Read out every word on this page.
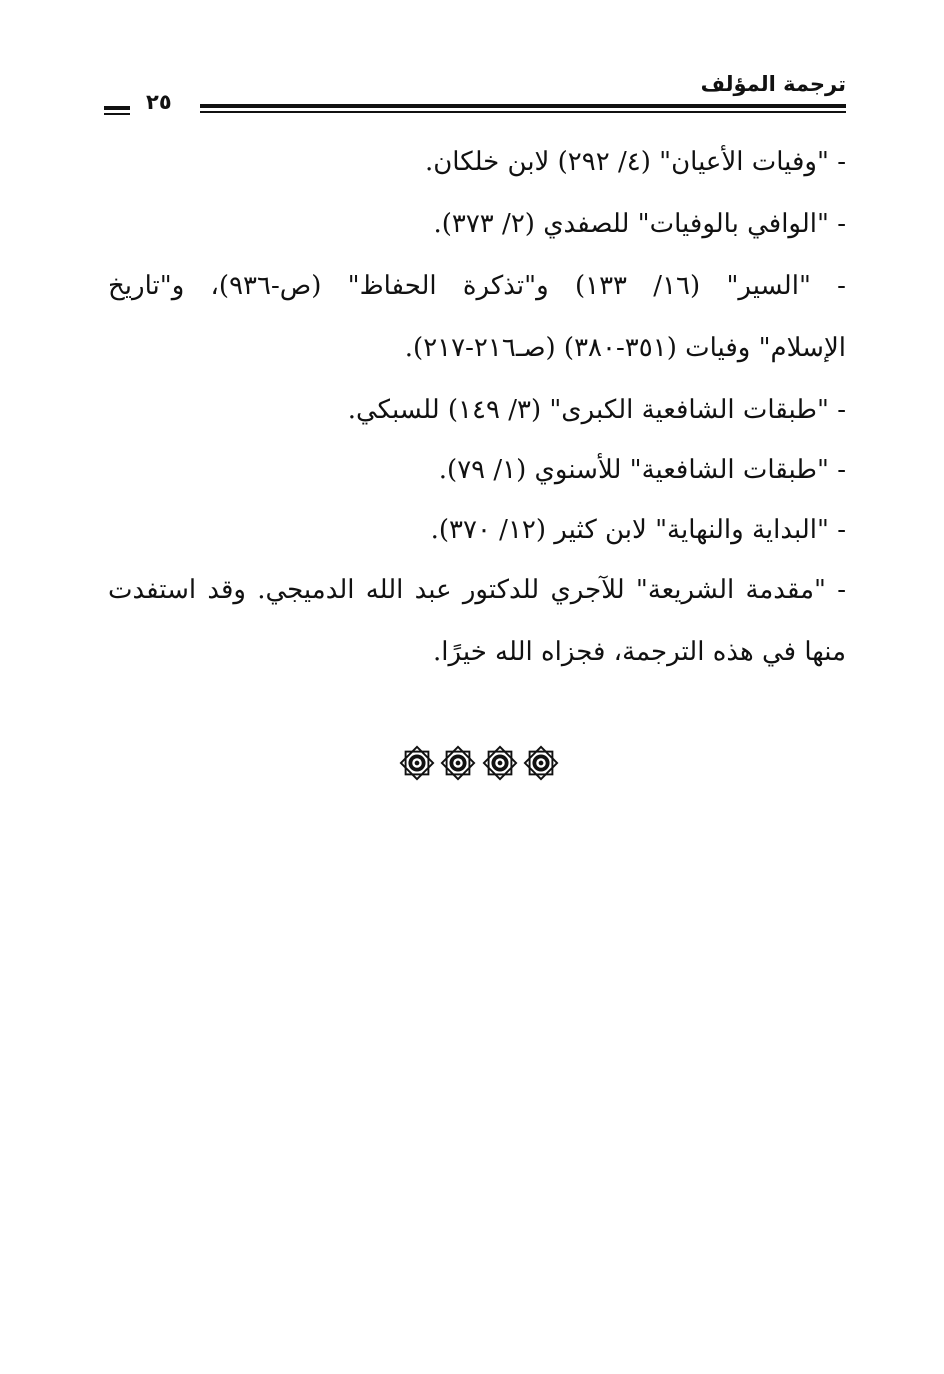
ترجمة المؤلف
٢٥
- "وفيات الأعيان" (٤/ ٢٩٢) لابن خلكان.
- "الوافي بالوفيات" للصفدي (٢/ ٣٧٣).
- "السير" (١٦/ ١٣٣) و"تذكرة الحفاظ" (ص-٩٣٦)، و"تاريخ
الإسلام" وفيات (٣٥١-٣٨٠) (صـ٢١٦-٢١٧).
- "طبقات الشافعية الكبرى" (٣/ ١٤٩) للسبكي.
- "طبقات الشافعية" للأسنوي (١/ ٧٩).
- "البداية والنهاية" لابن كثير (١٢/ ٣٧٠).
- "مقدمة الشريعة" للآجري للدكتور عبد الله الدميجي. وقد استفدت
منها في هذه الترجمة، فجزاه الله خيرًا.
